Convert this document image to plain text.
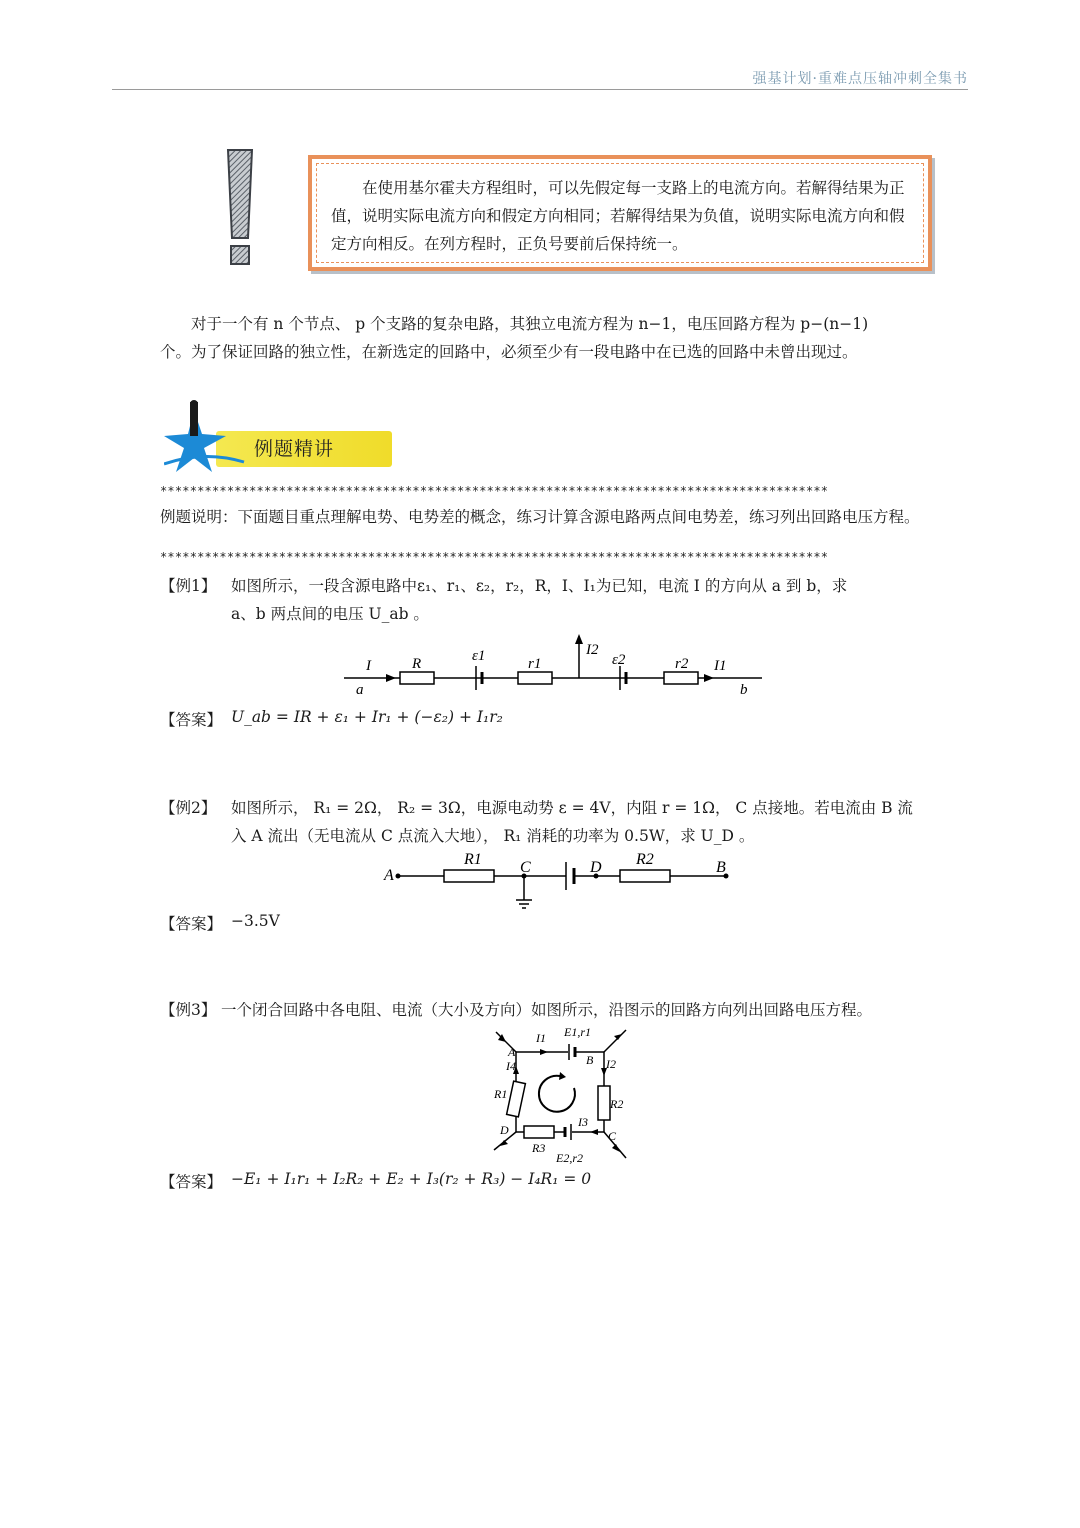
强基计划·重难点压轴冲刺全集书
在使用基尔霍夫方程组时，可以先假定每一支路上的电流方向。若解得结果为正值，说明实际电流方向和假定方向相同；若解得结果为负值，说明实际电流方向和假定方向相反。在列方程时，正负号要前后保持统一。
对于一个有 n 个节点、 p 个支路的复杂电路，其独立电流方程为 n−1，电压回路方程为 p−(n−1)
个。为了保证回路的独立性，在新选定的回路中，必须至少有一段电路中在已选的回路中未曾出现过。
例题精讲
******************************************************************************************
例题说明：下面题目重点理解电势、电势差的概念，练习计算含源电路两点间电势差，练习列出回路电压方程。
******************************************************************************************
【例1】 如图所示，一段含源电路中ε₁、r₁、ε₂，r₂，R，I、I₁为已知，电流 I 的方向从 a 到 b，求
a、b 两点间的电压 U_ab 。
I	R	ε1	r1
I2
ε2	r2 I1
a	b
【答案】 U_ab = IR + ε₁ + Ir₁ + (−ε₂) + I₁r₂
【例2】 如图所示， R₁ = 2Ω， R₂ = 3Ω，电源电动势 ε = 4V，内阻 r = 1Ω， C 点接地。若电流由 B 流
入 A 流出（无电流从 C 点流入大地）， R₁ 消耗的功率为 0.5W，求 U_D 。
A
R1 C	D R2	B
【答案】 −3.5V
【例3】 一个闭合回路中各电阻、电流（大小及方向）如图所示，沿图示的回路方向列出回路电压方程。
A
B
C
D
I1
I2
I3
I4
E1,r1
E2,r2
R1
R2
R3
【答案】 −E₁ + I₁r₁ + I₂R₂ + E₂ + I₃(r₂ + R₃) − I₄R₁ = 0
